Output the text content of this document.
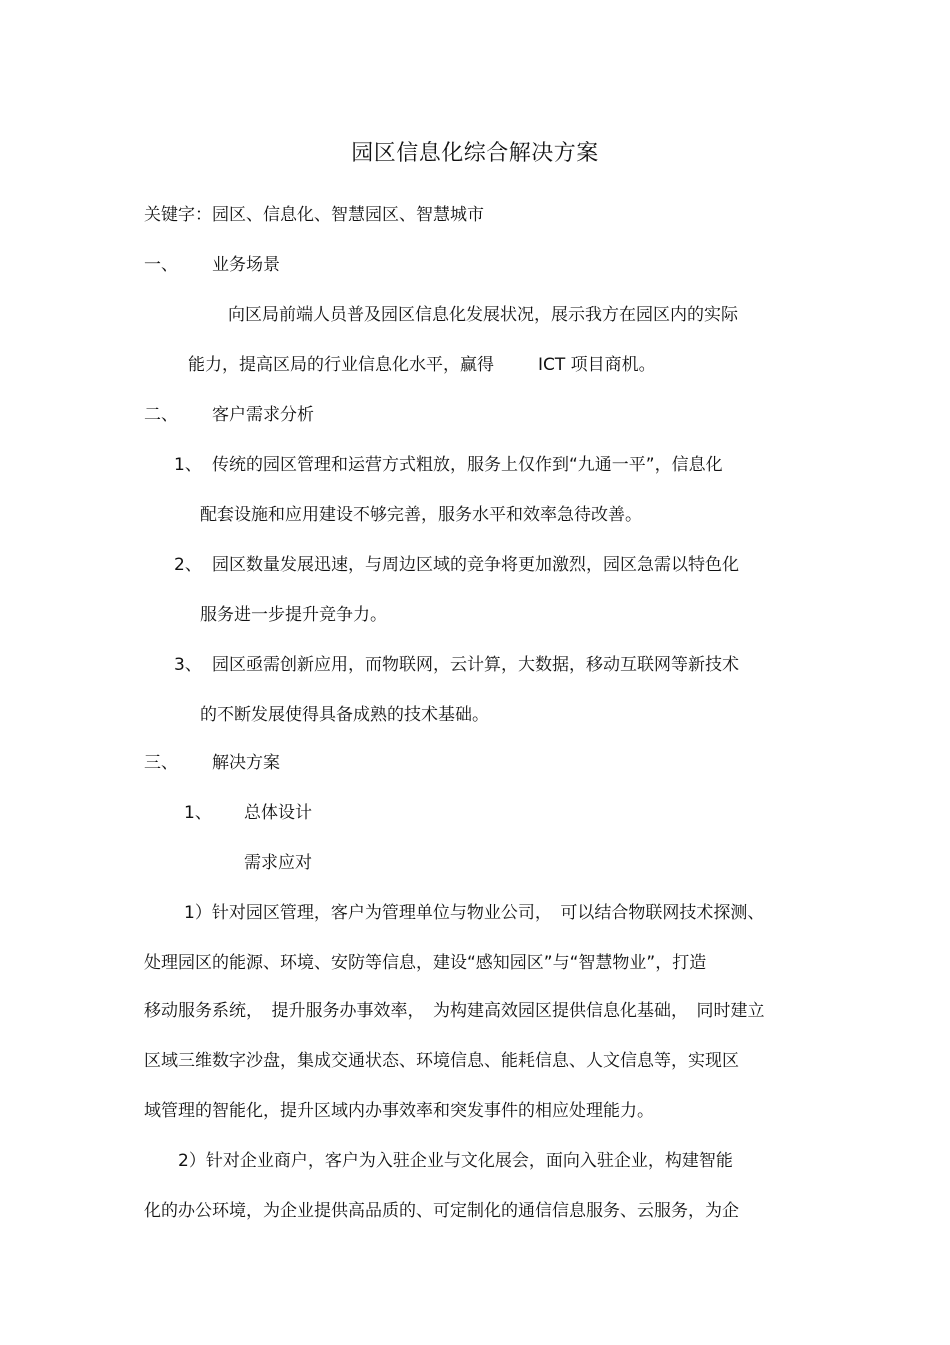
园区信息化综合解决方案
关键字：园区、信息化、智慧园区、智慧城市
一、 业务场景
向区局前端人员普及园区信息化发展状况，展示我方在园区内的实际
能力，提高区局的行业信息化水平，赢得	ICT 项目商机。
二、 客户需求分析
1、 传统的园区管理和运营方式粗放，服务上仅作到“九通一平”，信息化
配套设施和应用建设不够完善，服务水平和效率急待改善。
2、 园区数量发展迅速，与周边区域的竞争将更加激烈，园区急需以特色化
服务进一步提升竞争力。
3、 园区亟需创新应用，而物联网，云计算，大数据，移动互联网等新技术
的不断发展使得具备成熟的技术基础。
三、 解决方案
1、 总体设计
需求应对
1）针对园区管理，客户为管理单位与物业公司，　可以结合物联网技术探测、
处理园区的能源、环境、安防等信息，建设“感知园区”与“智慧物业”，打造
移动服务系统，　提升服务办事效率，　为构建高效园区提供信息化基础，　同时建立
区域三维数字沙盘，集成交通状态、环境信息、能耗信息、人文信息等，实现区
域管理的智能化，提升区域内办事效率和突发事件的相应处理能力。
2）针对企业商户，客户为入驻企业与文化展会，面向入驻企业，构建智能
化的办公环境，为企业提供高品质的、可定制化的通信信息服务、云服务，为企
